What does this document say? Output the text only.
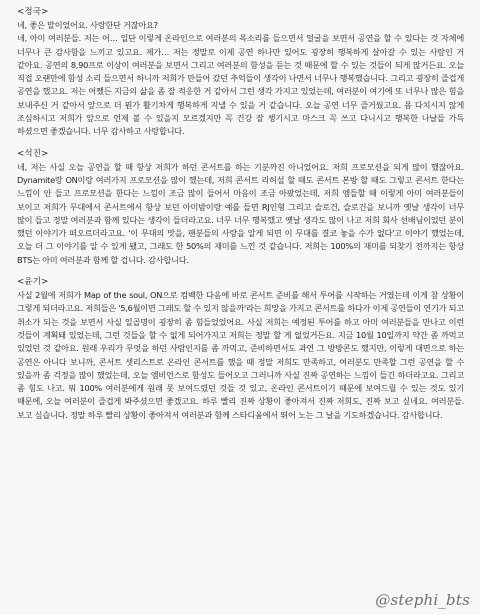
<정국>

네, 좋은 말이었어요. 사랑한단 거잖아요?

네, 아미 여러분들. 저는 어… 일단 이렇게 온라인으로 여러분의 목소리를 들으면서 얼굴을 보면서 공연을 할 수 있다는 것 자체에 너무나 큰 감사함을 느끼고 있고요. 제가… 저는 정말로 이제 공연 하나만 있어도 굉장히 행복하게 살아갈 수 있는 사람인 거 같아요. 공연의 8,90프로 이상이 여러분을 보면서 그리고 여러분의 함성을 듣는 것 때문에 할 수 있는 것들이 되게 많거든요. 오늘 직접 오랜만에 함성 소리 들으면서 하니까 저희가 만들어 갔던 추억들이 생각이 나면서 너무나 행복했습니다. 그리고 굉장히 즐겁게 공연을 했고요. 저는 어쨌든 지금의 삶을 좀 잘 적응한 거 같아서 그런 생각 가지고 있었는데, 여러분이 여기에 또 너무나 많은 힘을 보내주신 거 같아서 앞으로 더 뭔가 활기차게 행복하게 지낼 수 있을 거 같습니다. 오늘 공연 너무 즐거웠고요. 몸 다치시지 않게 조심하시고 저희가 앞으로 언제 볼 수 있을지 모르겠지만 꼭 건강 잘 챙기시고 마스크 꼭 쓰고 다니시고 행복한 나날들 가득 하셨으면 좋겠습니다. 너무 감사하고 사랑합니다.

<석진>

네, 저는 사실 오늘 공연을 할 때 항상 저희가 하던 콘서트를 하는 기분까진 아니었어요. 저희 프로모션을 되게 많이 했잖아요. Dynamite랑 ON이랑 여러가지 프로모션을 많이 했는데, 저희 콘서트 리허설 할 때도 콘서트 본방 할 때도 그렇고 콘서트 한다는 느낌이 안 들고 프로모션을 한다는 느낌이 조금 많이 들어서 마음이 조금 아팠었는데, 저희 엠들할 때 이렇게 아미 여러분들이 보이고 저희가 무대에서 콘서트에서 항상 보던 아미밤이랑 예를 들면 RJ인형 그리고 슬로건, 슬로건을 보니까 옛날 생각이 너무 많이 들고 정말 여러분과 함께 있다는 생각이 들더라고요. 너무 너무 행복했고 옛날 생각도 많이 나고 저희 회사 선배님이었던 분이 했던 이야기가 떠오르더라고요. '이 무대의 맛을, 팬분들의 사랑을 알게 되면 이 무대를 결코 놓을 수가 없다'고 이야기 했었는데, 오늘 더 그 이야기를 알 수 있게 됐고, 그래도 한 50%의 재미를 느낀 것 같습니다. 저희는 100%의 재미를 되찾기 전까지는 항상 BTS는 아미 여러분과 함께 할 겁니다. 감사합니다.

<윤기>

사실 2월에 저희가 Map of the soul, ON으로 컴백한 다음에 바로 콘서트 준비를 해서 투어를 시작하는 거였는데 이게 참 상황이 그렇게 되더라고요. 저희들은 '5,6월이면 그래도 할 수 있지 않을까'라는 희망을 가지고 콘서트를 하다가 이제 공연들이 연기가 되고 취소가 되는 것을 보면서 사실 일곱명이 굉장히 좀 힘들었었어요. 사실 저희는 예정된 투어를 하고 아미 여러분들을 만나고 이런 것들이 계획돼 있었는데, 그런 것들을 할 수 없게 되어가지고 저희는 정말 할 게 없었거든요. 지금 10월 10일까지 약간 좀 까먹고 있었던 것 같아요. 원래 우리가 무엇을 하던 사람인지를 좀 까먹고, 준비하면서도 과연 그 방방콘도 했지만, 이렇게 대면으로 하는 공연은 아니다 보니까, 콘서트 셋리스트로 온라인 콘서트를 했을 때 정말 저희도 만족하고, 여러분도 만족할 그런 공연을 할 수 있을까 좀 걱정을 많이 했었는데, 오늘 엠비언스로 함성도 들어오고 그러니까 사실 진짜 공연하는 느낌이 들긴 하더라고요. 그리고 좀 힘도 나고. 뭐 100% 여러분에게 원래 못 보여드렸던 것들 것 있고, 온라인 콘서트이기 때문에 보여드릴 수 있는 것도 있기 때문에, 오늘 여러분이 즐겁게 봐주셨으면 좋겠고요. 하루 빨리 진짜 상황이 좋아져서 진짜 저희도, 진짜 보고 싶네요. 여러분들. 보고 싶습니다. 정말 하루 빨리 상황이 좋아져서 여러분과 함께 스타디움에서 뛰어 노는 그 날을 기도하겠습니다. 감사합니다.

@stephi_bts
